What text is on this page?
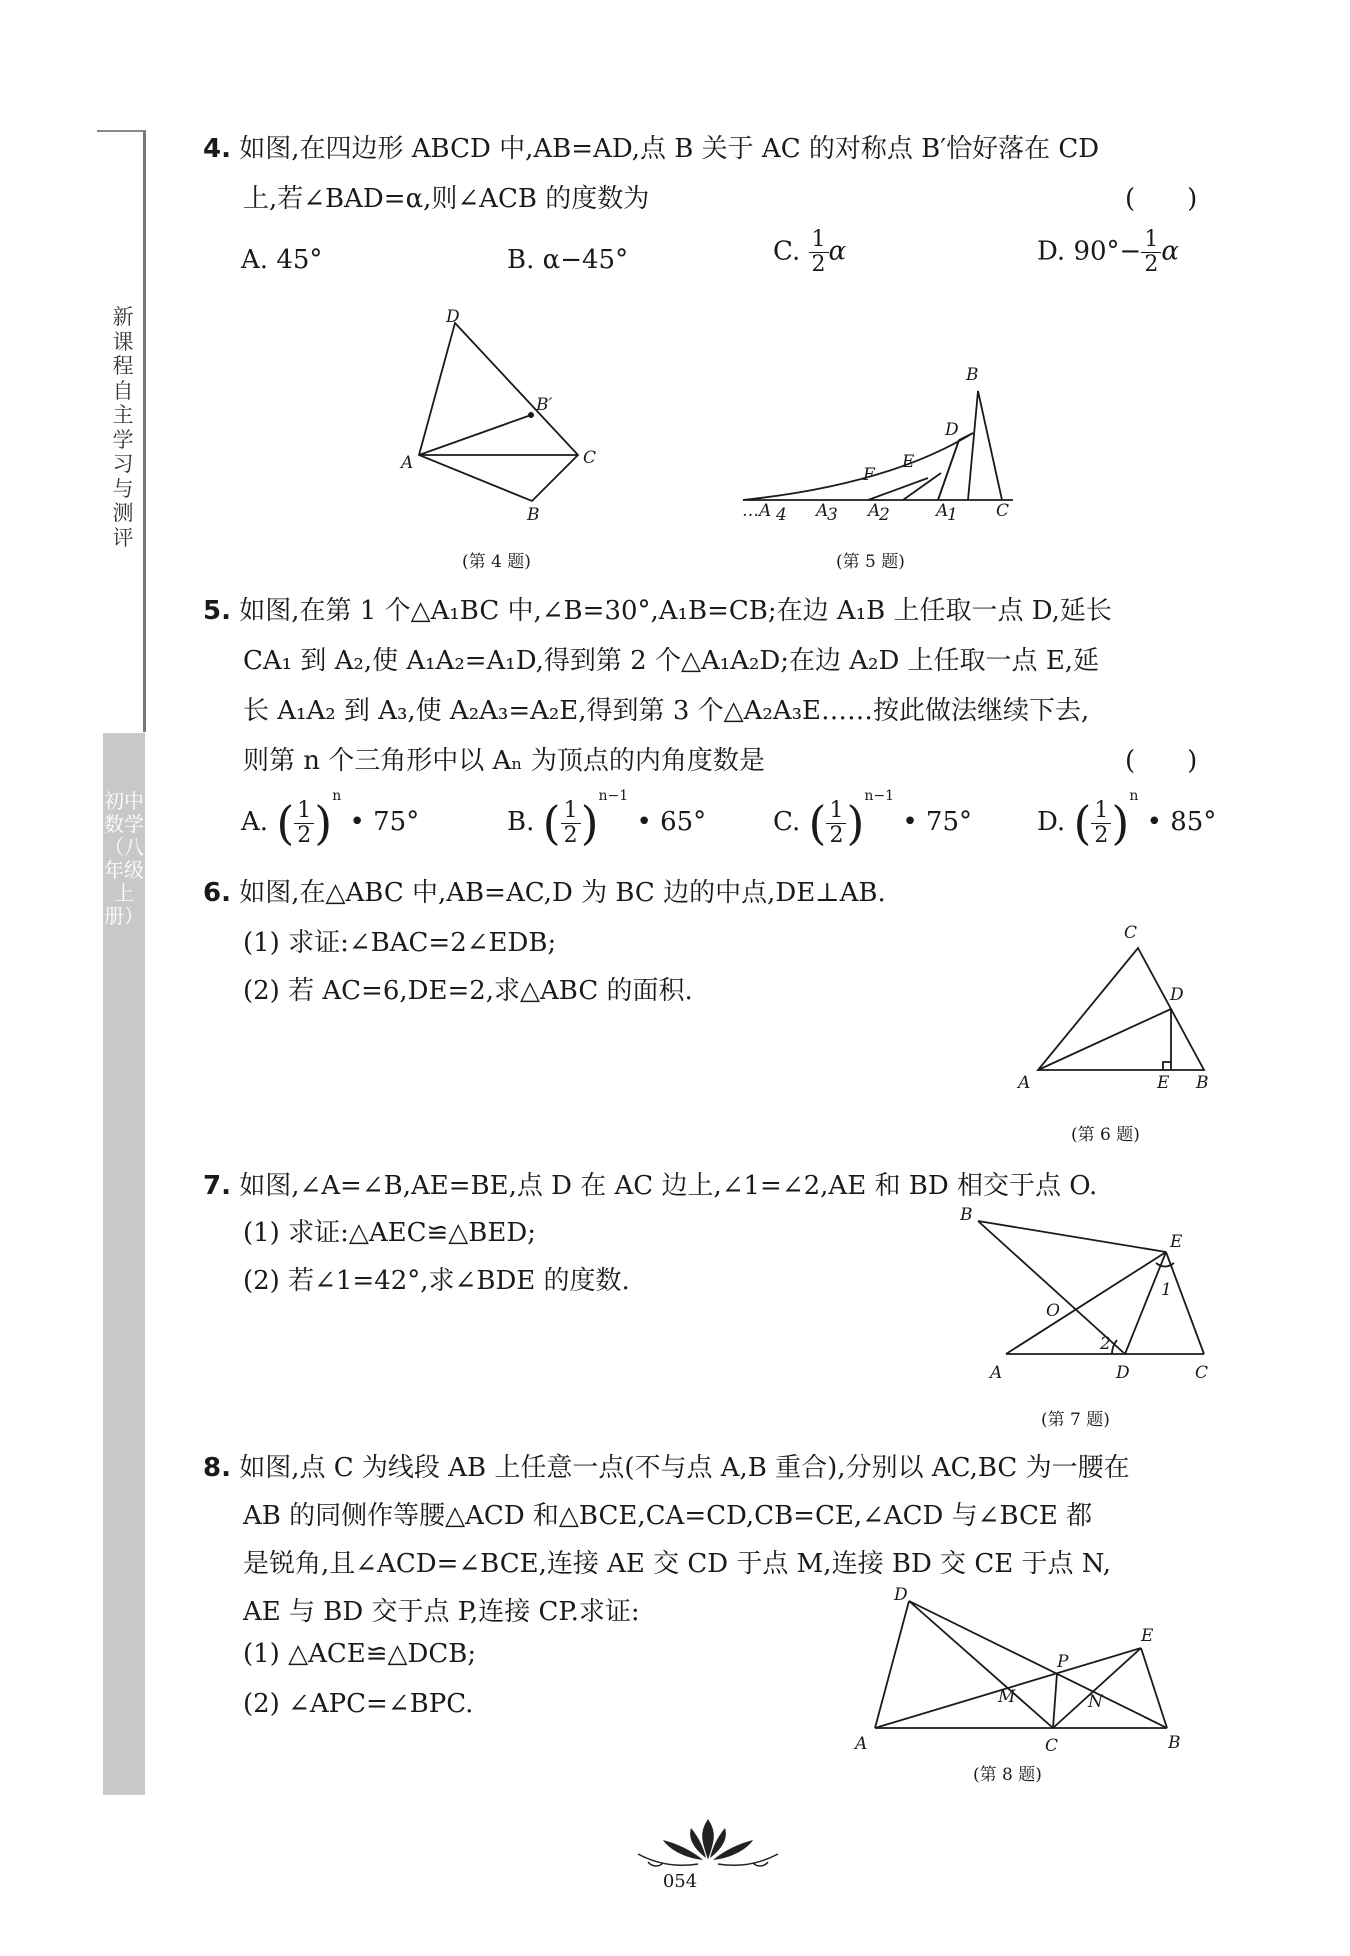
新课程自主学习与测评
初中数学（八年级上册）
4. 如图,在四边形 ABCD 中,AB=AD,点 B 关于 AC 的对称点 B′恰好落在 CD
上,若∠BAD=α,则∠ACB 的度数为	(　　)
A. 45°	B. α−45°	C. $\frac{1}{2}\alpha$	D. $90^\circ- \frac{1}{2}\alpha$
D
B′
A	C
B
(第 4 题)
B
D
E
F
…A 4 A
3 A
2	A
1 C
(第 5 题)
5. 如图,在第 1 个△A₁BC 中,∠B=30°,A₁B=CB;在边 A₁B 上任取一点 D,延长
CA₁ 到 A₂,使 A₁A₂=A₁D,得到第 2 个△A₁A₂D;在边 A₂D 上任取一点 E,延
长 A₁A₂ 到 A₃,使 A₂A₃=A₂E,得到第 3 个△A₂A₃E……按此做法继续下去,
则第 n 个三角形中以 Aₙ 为顶点的内角度数是	(　　)
A. ( $\frac{1}{2})^n$ • 75°	B. ( $\frac{1}{2})^{n-1}$ • 65°	C. ( $\frac{1}{2})^{n-1}$ • 75° D. ( $\frac{1}{2})^n$ • 85°
6. 如图,在△ABC 中,AB=AC,D 为 BC 边的中点,DE⊥AB.
(1) 求证:∠BAC=2∠EDB;
(2) 若 AC=6,DE=2,求△ABC 的面积.
C
D
A	E B
(第 6 题)
7. 如图,∠A=∠B,AE=BE,点 D 在 AC 边上,∠1=∠2,AE 和 BD 相交于点 O.
(1) 求证:△AEC≌△BED;
(2) 若∠1=42°,求∠BDE 的度数.
B
E
O
1
2
A	D	C
(第 7 题)
8. 如图,点 C 为线段 AB 上任意一点(不与点 A,B 重合),分别以 AC,BC 为一腰在
AB 的同侧作等腰△ACD 和△BCE,CA=CD,CB=CE,∠ACD 与∠BCE 都
是锐角,且∠ACD=∠BCE,连接 AE 交 CD 于点 M,连接 BD 交 CE 于点 N,
AE 与 BD 交于点 P,连接 CP.求证:
(1) △ACE≌△DCB;
(2) ∠APC=∠BPC.
D
E
P
M	N
A	C	B
(第 8 题)
054
